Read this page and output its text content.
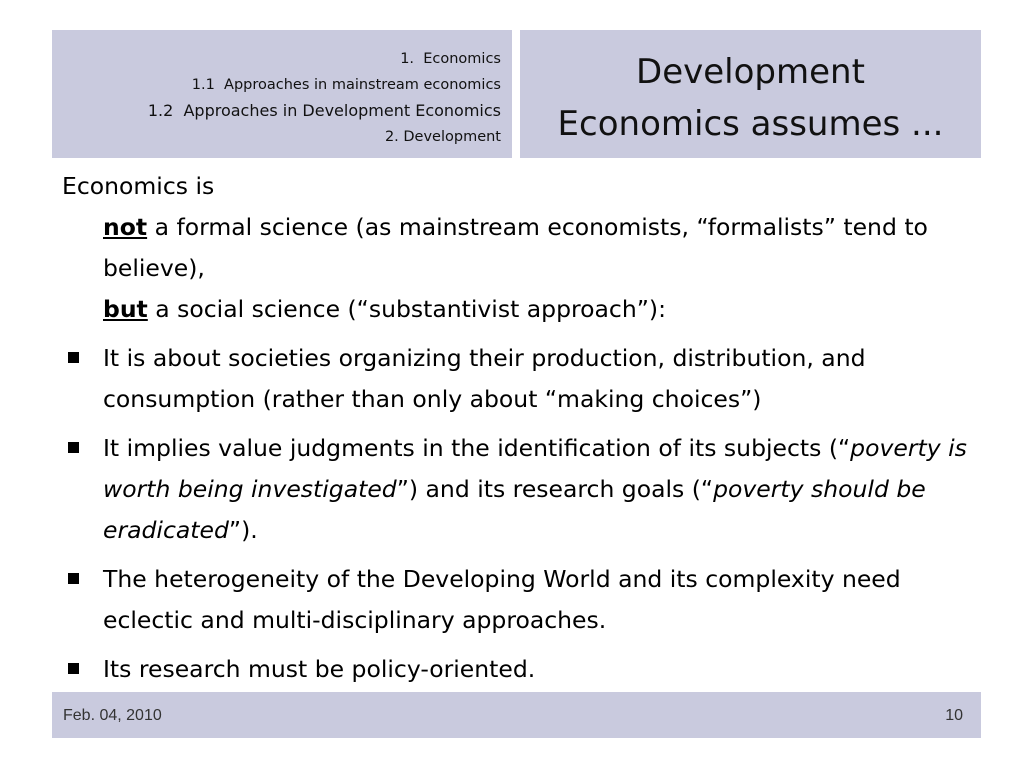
1.  Economics
1.1  Approaches in mainstream economics
1.2  Approaches in Development Economics
2. Development
Development
Economics assumes ...

Economics is

not a formal science (as mainstream economists, “formalists” tend to believe),
but a social science (“substantivist approach”):
It is about societies organizing their production, distribution, and consumption (rather than only about “making choices”)
It implies value judgments in the identification of its subjects (“poverty is worth being investigated”) and its research goals (“poverty should be eradicated”).
The heterogeneity of the Developing World and its complexity need eclectic and multi-disciplinary approaches.
Its research must be policy-oriented.
Feb. 04, 2010	10
